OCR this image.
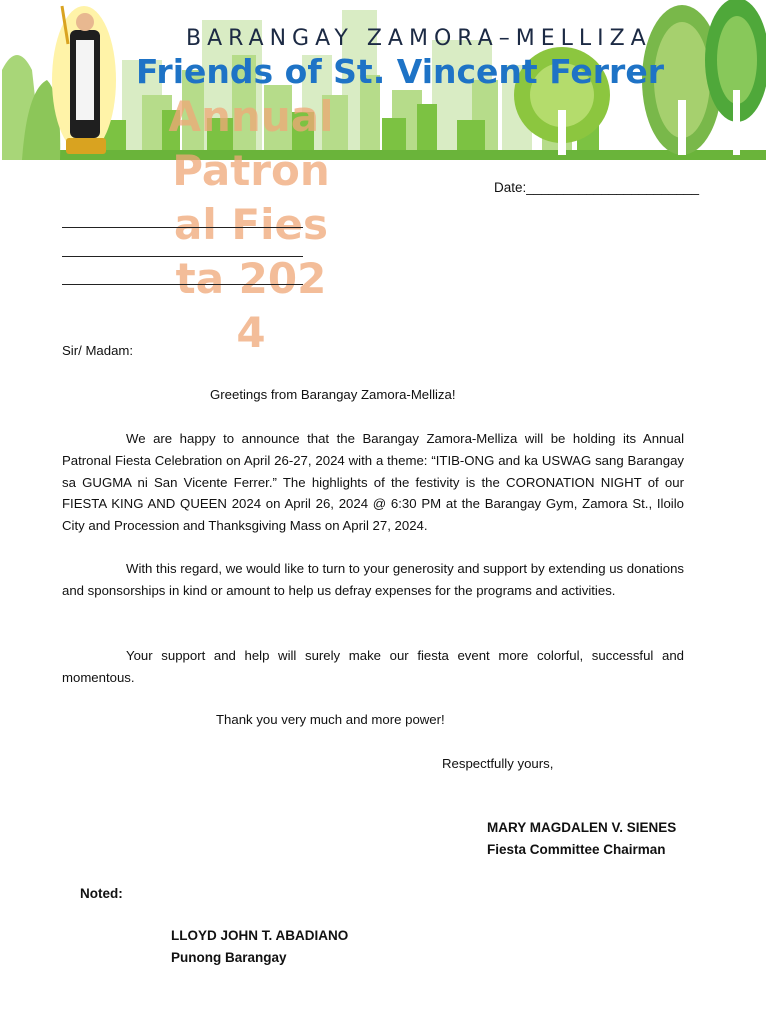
BARANGAY ZAMORA–MELLIZA
Friends of St. Vincent Ferrer
Annual Patronal Fiesta 2024
Date:_______________________
Sir/ Madam:
Greetings from Barangay Zamora-Melliza!
We are happy to announce that the Barangay Zamora-Melliza will be holding its Annual Patronal Fiesta Celebration on April 26-27, 2024 with a theme: “ITIB-ONG and ka USWAG sang Barangay sa GUGMA ni San Vicente Ferrer.” The highlights of the festivity is the CORONATION NIGHT of our FIESTA KING AND QUEEN 2024 on April 26, 2024 @ 6:30 PM at the Barangay Gym, Zamora St., Iloilo City and Procession and Thanksgiving Mass on April 27, 2024.
With this regard, we would like to turn to your generosity and support by extending us donations and sponsorships in kind or amount to help us defray expenses for the programs and activities.
Your support and help will surely make our fiesta event more colorful, successful and momentous.
Thank you very much and more power!
Respectfully yours,
MARY MAGDALEN V. SIENES
Fiesta Committee Chairman
Noted:
LLOYD JOHN T. ABADIANO
Punong Barangay
